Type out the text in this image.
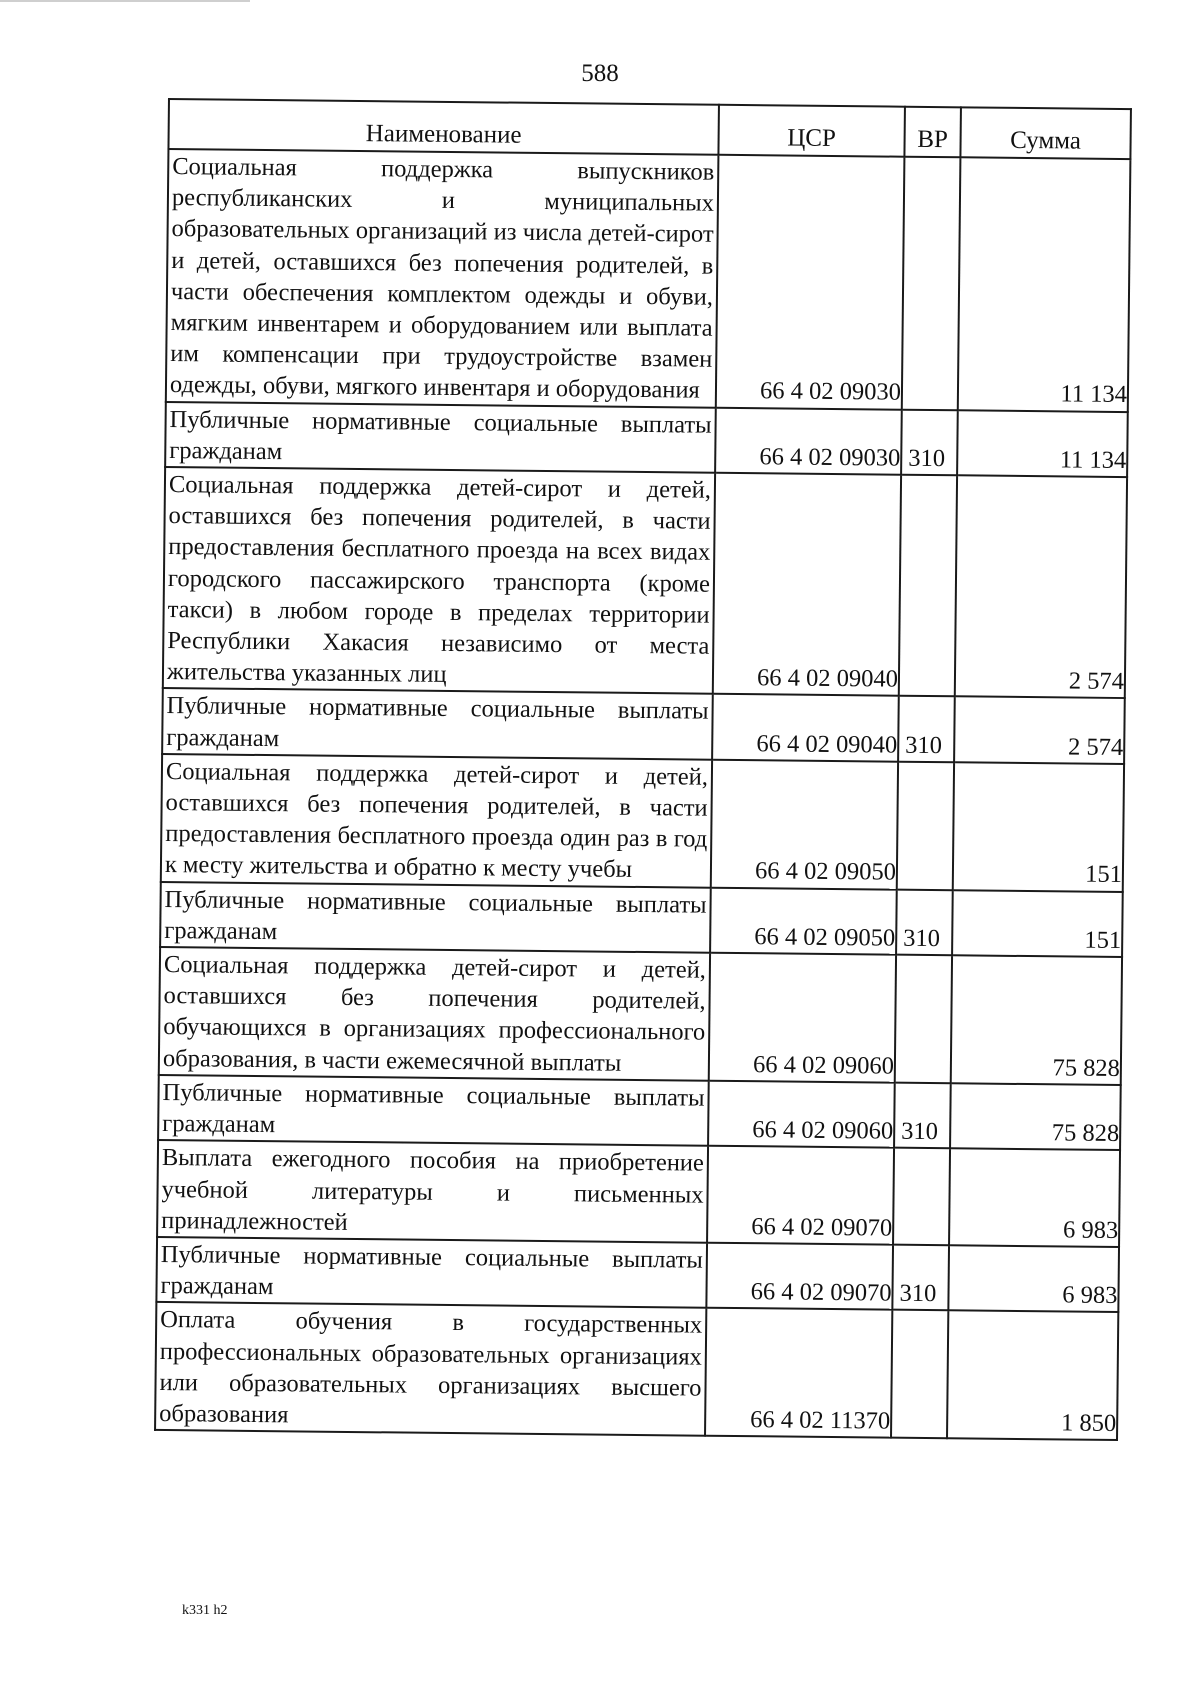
588
Наименование	ЦСР	ВР	Сумма
Социальная поддержка выпускников республиканских и муниципальных образовательных организаций из числа детей-сирот и детей, оставшихся без попечения родителей, в части обеспечения комплектом одежды и обуви, мягким инвентарем и оборудованием или выплата им компенсации при трудоустройстве взамен одежды, обуви, мягкого инвентаря и оборудования	66 4 02 09030		11 134
Публичные нормативные социальные выплаты гражданам	66 4 02 09030	310	11 134
Социальная поддержка детей-сирот и детей, оставшихся без попечения родителей, в части предоставления бесплатного проезда на всех видах городского пассажирского транспорта (кроме такси) в любом городе в пределах территории Республики Хакасия независимо от места жительства указанных лиц	66 4 02 09040		2 574
Публичные нормативные социальные выплаты гражданам	66 4 02 09040	310	2 574
Социальная поддержка детей-сирот и детей, оставшихся без попечения родителей, в части предоставления бесплатного проезда один раз в год к месту жительства и обратно к месту учебы	66 4 02 09050		151
Публичные нормативные социальные выплаты гражданам	66 4 02 09050	310	151
Социальная поддержка детей-сирот и детей, оставшихся без попечения родителей, обучающихся в организациях профессионального образования, в части ежемесячной выплаты	66 4 02 09060		75 828
Публичные нормативные социальные выплаты гражданам	66 4 02 09060	310	75 828
Выплата ежегодного пособия на приобретение учебной литературы и письменных принадлежностей	66 4 02 09070		6 983
Публичные нормативные социальные выплаты гражданам	66 4 02 09070	310	6 983
Оплата обучения в государственных профессиональных образовательных организациях или образовательных организациях высшего образования	66 4 02 11370		1 850
k331 h2
